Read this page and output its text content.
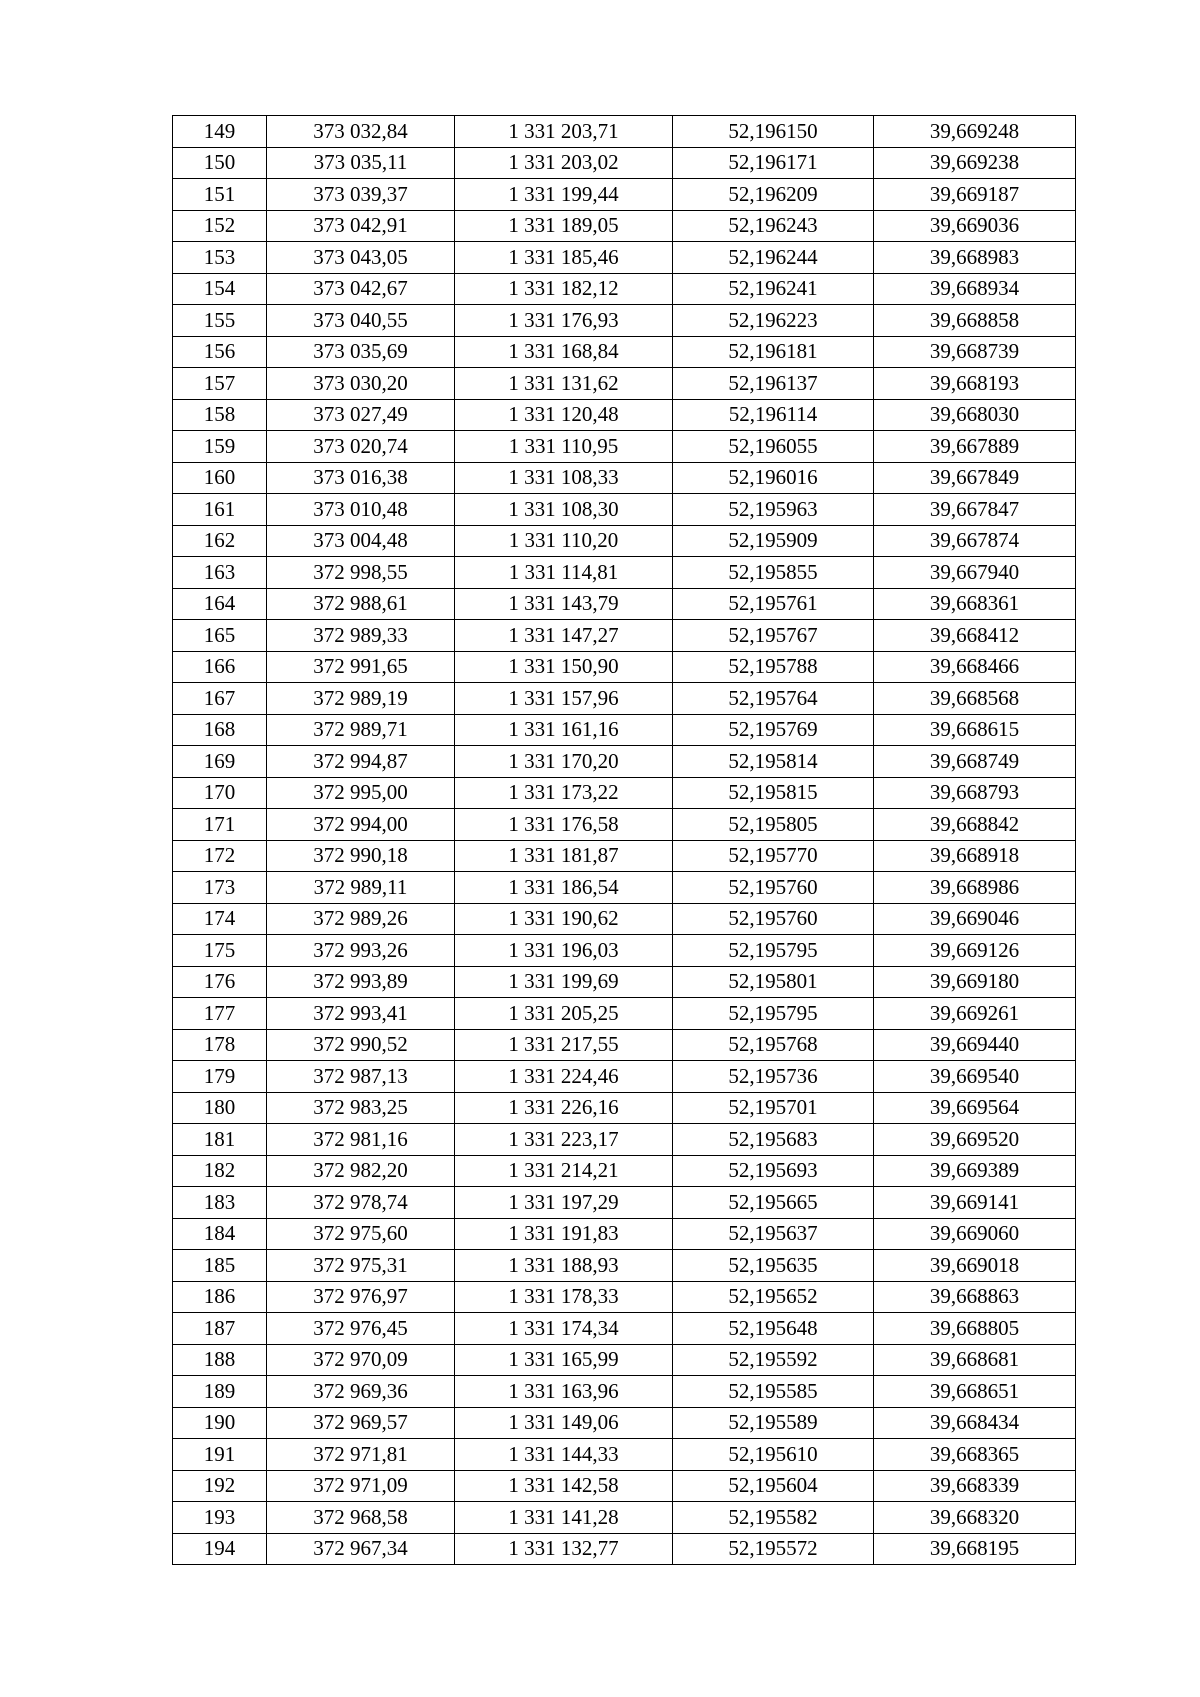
149	373 032,84	1 331 203,71	52,196150	39,669248
150	373 035,11	1 331 203,02	52,196171	39,669238
151	373 039,37	1 331 199,44	52,196209	39,669187
152	373 042,91	1 331 189,05	52,196243	39,669036
153	373 043,05	1 331 185,46	52,196244	39,668983
154	373 042,67	1 331 182,12	52,196241	39,668934
155	373 040,55	1 331 176,93	52,196223	39,668858
156	373 035,69	1 331 168,84	52,196181	39,668739
157	373 030,20	1 331 131,62	52,196137	39,668193
158	373 027,49	1 331 120,48	52,196114	39,668030
159	373 020,74	1 331 110,95	52,196055	39,667889
160	373 016,38	1 331 108,33	52,196016	39,667849
161	373 010,48	1 331 108,30	52,195963	39,667847
162	373 004,48	1 331 110,20	52,195909	39,667874
163	372 998,55	1 331 114,81	52,195855	39,667940
164	372 988,61	1 331 143,79	52,195761	39,668361
165	372 989,33	1 331 147,27	52,195767	39,668412
166	372 991,65	1 331 150,90	52,195788	39,668466
167	372 989,19	1 331 157,96	52,195764	39,668568
168	372 989,71	1 331 161,16	52,195769	39,668615
169	372 994,87	1 331 170,20	52,195814	39,668749
170	372 995,00	1 331 173,22	52,195815	39,668793
171	372 994,00	1 331 176,58	52,195805	39,668842
172	372 990,18	1 331 181,87	52,195770	39,668918
173	372 989,11	1 331 186,54	52,195760	39,668986
174	372 989,26	1 331 190,62	52,195760	39,669046
175	372 993,26	1 331 196,03	52,195795	39,669126
176	372 993,89	1 331 199,69	52,195801	39,669180
177	372 993,41	1 331 205,25	52,195795	39,669261
178	372 990,52	1 331 217,55	52,195768	39,669440
179	372 987,13	1 331 224,46	52,195736	39,669540
180	372 983,25	1 331 226,16	52,195701	39,669564
181	372 981,16	1 331 223,17	52,195683	39,669520
182	372 982,20	1 331 214,21	52,195693	39,669389
183	372 978,74	1 331 197,29	52,195665	39,669141
184	372 975,60	1 331 191,83	52,195637	39,669060
185	372 975,31	1 331 188,93	52,195635	39,669018
186	372 976,97	1 331 178,33	52,195652	39,668863
187	372 976,45	1 331 174,34	52,195648	39,668805
188	372 970,09	1 331 165,99	52,195592	39,668681
189	372 969,36	1 331 163,96	52,195585	39,668651
190	372 969,57	1 331 149,06	52,195589	39,668434
191	372 971,81	1 331 144,33	52,195610	39,668365
192	372 971,09	1 331 142,58	52,195604	39,668339
193	372 968,58	1 331 141,28	52,195582	39,668320
194	372 967,34	1 331 132,77	52,195572	39,668195
